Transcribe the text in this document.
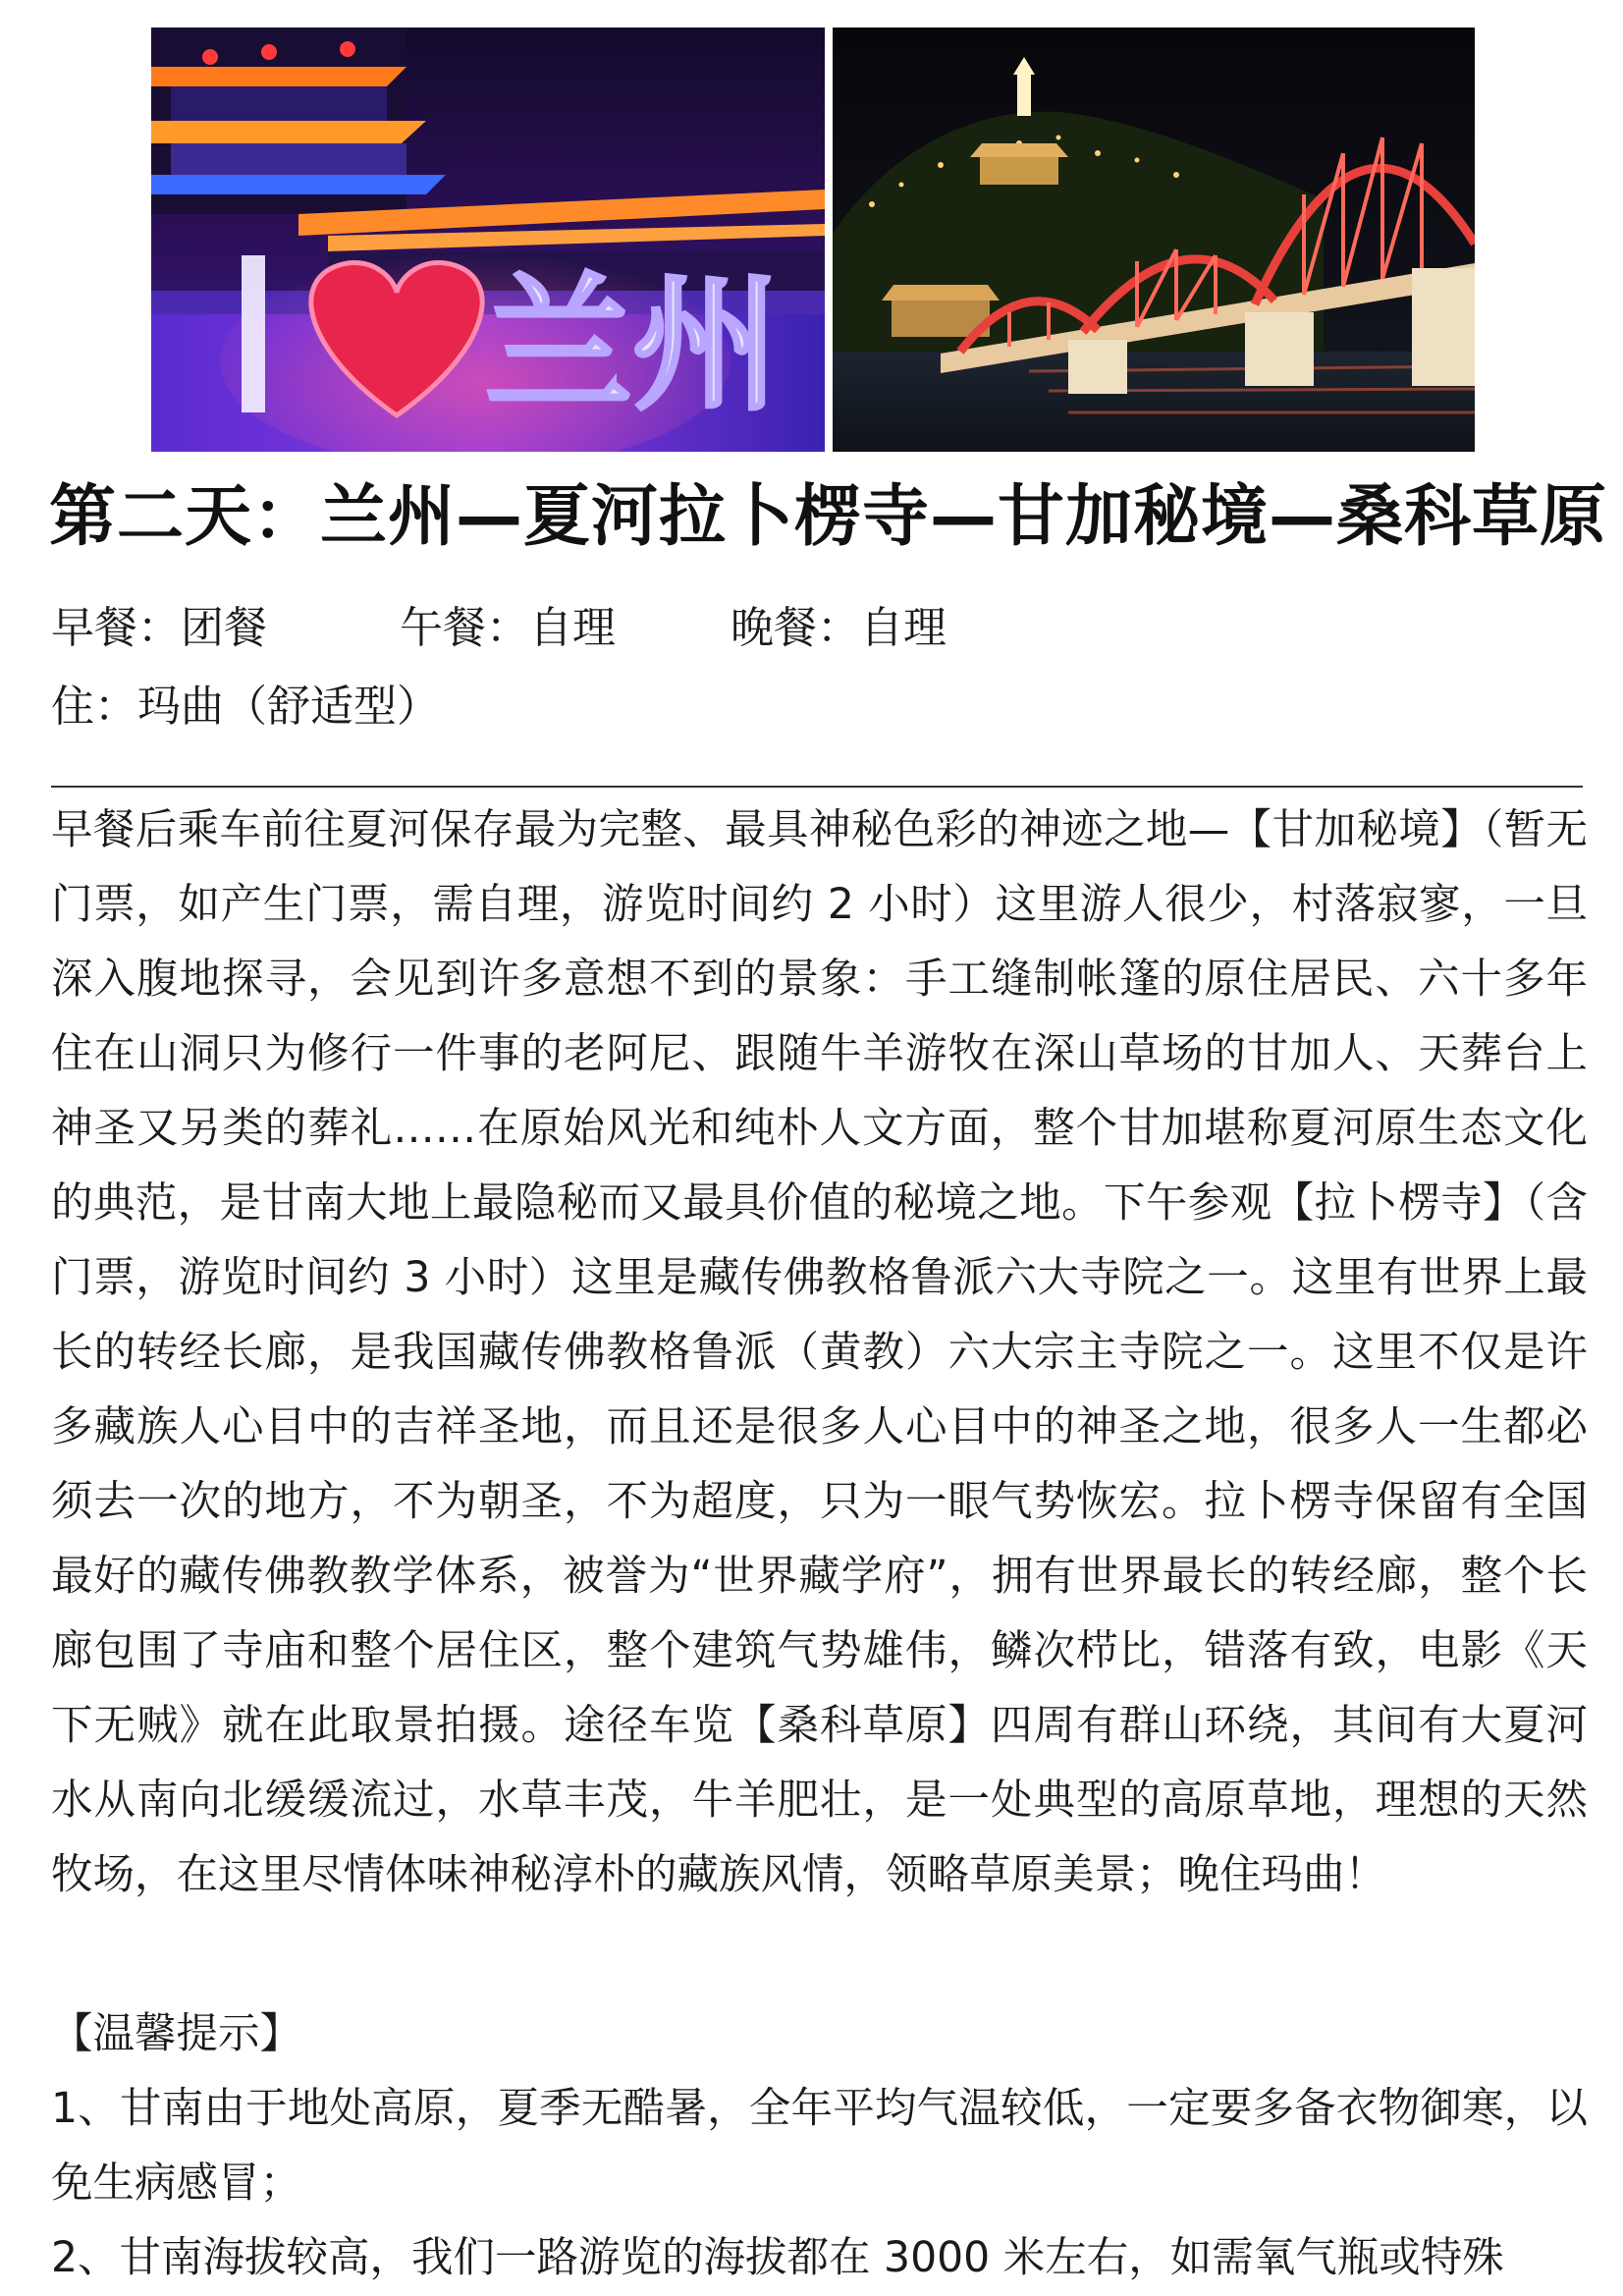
兰州
第二天：兰州—夏河拉卜楞寺—甘加秘境—桑科草原
早餐：团餐	午餐：自理	晚餐：自理
住：玛曲（舒适型）

早餐后乘车前往夏河保存最为完整、最具神秘色彩的神迹之地—【甘加秘境】（暂无门票，如产生门票，需自理，游览时间约 2 小时）这里游人很少，村落寂寥，一旦深入腹地探寻，会见到许多意想不到的景象：手工缝制帐篷的原住居民、六十多年住在山洞只为修行一件事的老阿尼、跟随牛羊游牧在深山草场的甘加人、天葬台上神圣又另类的葬礼……在原始风光和纯朴人文方面，整个甘加堪称夏河原生态文化的典范，是甘南大地上最隐秘而又最具价值的秘境之地。下午参观【拉卜楞寺】（含门票，游览时间约 3 小时）这里是藏传佛教格鲁派六大寺院之一。这里有世界上最长的转经长廊，是我国藏传佛教格鲁派（黄教）六大宗主寺院之一。这里不仅是许多藏族人心目中的吉祥圣地，而且还是很多人心目中的神圣之地，很多人一生都必须去一次的地方，不为朝圣，不为超度，只为一眼气势恢宏。拉卜楞寺保留有全国最好的藏传佛教教学体系，被誉为“世界藏学府”，拥有世界最长的转经廊，整个长廊包围了寺庙和整个居住区，整个建筑气势雄伟，鳞次栉比，错落有致，电影《天下无贼》就在此取景拍摄。途径车览【桑科草原】四周有群山环绕，其间有大夏河水从南向北缓缓流过，水草丰茂，牛羊肥壮，是一处典型的高原草地，理想的天然牧场，在这里尽情体味神秘淳朴的藏族风情，领略草原美景；晚住玛曲！

【温馨提示】
1、甘南由于地处高原，夏季无酷暑，全年平均气温较低，一定要多备衣物御寒，以免生病感冒；
2、甘南海拔较高，我们一路游览的海拔都在 3000 米左右，如需氧气瓶或特殊
